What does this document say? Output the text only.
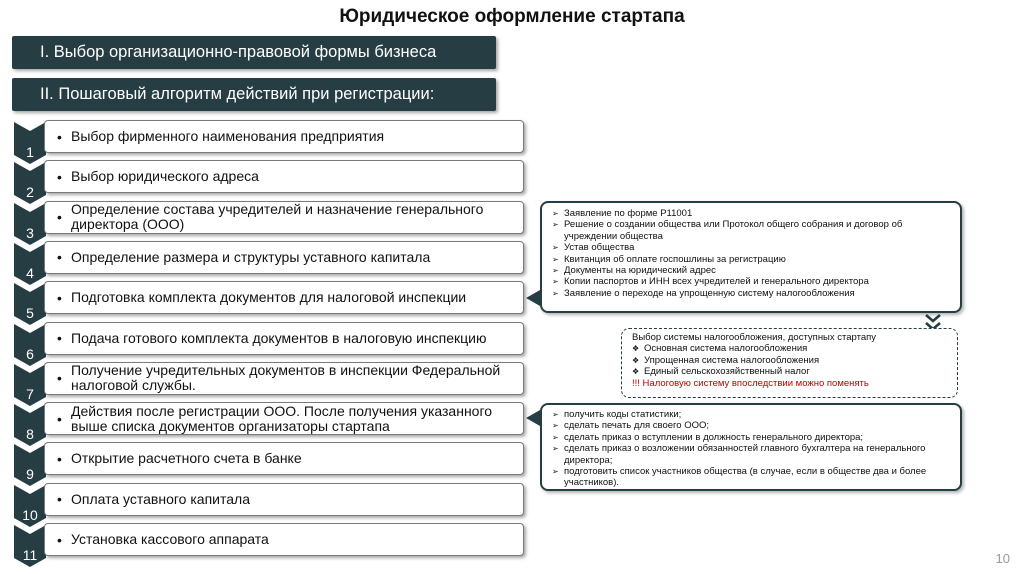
Юридическое оформление стартапа
I. Выбор организационно-правовой формы бизнеса
II. Пошаговый алгоритм действий при регистрации:
1
• Выбор фирменного наименования предприятия
2
• Выбор юридического адреса
3
• Определение состава учредителей и назначение генерального директора (ООО)
4
• Определение размера и структуры уставного капитала
5
• Подготовка комплекта документов для налоговой инспекции
6
• Подача готового комплекта документов в налоговую инспекцию
7
• Получение учредительных документов в инспекции Федеральной налоговой службы.
8
• Действия после регистрации ООО. После получения указанного выше списка документов организаторы стартапа
9
• Открытие расчетного счета в банке
10
• Оплата уставного капитала
11
• Установка кассового аппарата
➢ Заявление по форме Р11001
➢ Решение о создании общества или Протокол общего собрания и договор об учреждении общества
➢ Устав общества
➢ Квитанция об оплате госпошлины за регистрацию
➢ Документы на юридический адрес
➢ Копии паспортов и ИНН всех учредителей и генерального директора
➢ Заявление о переходе на упрощенную систему налогообложения
Выбор системы налогообложения, доступных стартапу
❖ Основная система налогообложения
❖ Упрощенная система налогообложения
❖ Единый сельскохозяйственный налог
!!! Налоговую систему впоследствии можно поменять
➢ получить коды статистики;
➢ сделать печать для своего ООО;
➢ сделать приказ о вступлении в должность генерального директора;
➢ сделать приказ о возложении обязанностей главного бухгалтера на генерального директора;
➢ подготовить список участников общества (в случае, если в обществе два и более участников).
10
